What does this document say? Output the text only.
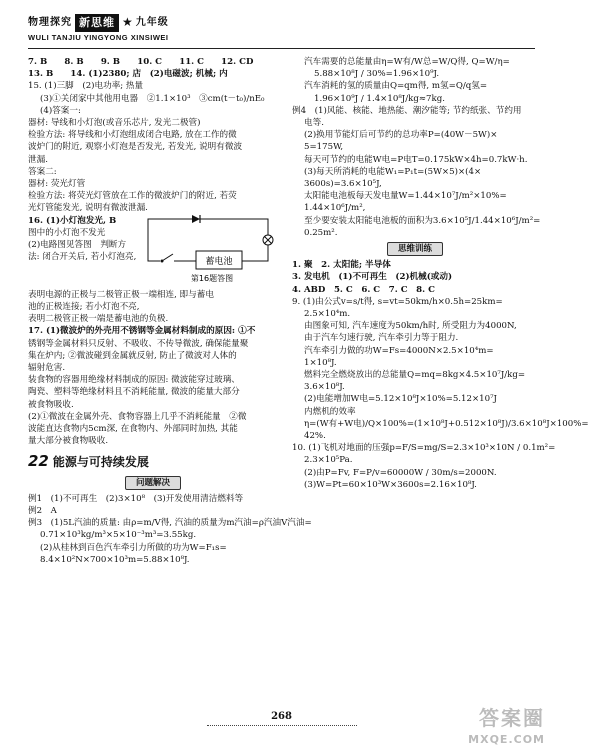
物理探究 新思维 ★ 九年级
WULI TANJIU YINGYONG XINSIWEI
7. B　　8. B　　9. B　　10. C　　11. C　　12. CD
13. B　　14. (1)2380; 店　(2)电磁波; 机械; 内
15. (1)三脚　(2)电功率; 热量
(3)①关闭家中其他用电器　②1.1×10³　③cm(t－t₀)/nE₀
(4)答案一:
器材: 导线和小灯泡(或音乐芯片, 发光二极管)
检验方法: 将导线和小灯泡组成闭合电路, 放在工作的微
波炉门的附近, 观察小灯泡是否发光, 若发光, 说明有微波
泄漏.
答案二:
器材: 荧光灯管
检验方法: 将荧光灯管放在工作的微波炉门的附近, 若荧
光灯管能发光, 说明有微波泄漏.
16. (1)小灯泡发光, B
图中的小灯泡不发光
(2)电路图见答图　判断方
法: 闭合开关后, 若小灯泡亮,	蓄电池
第16题答图
表明电源的正极与二极管正极一端相连, 即与蓄电
池的正极连接; 若小灯泡不亮,
表明二极管正极一端是蓄电池的负极.
17. (1)微波炉的外壳用不锈钢等金属材料制成的原因: ①不
锈钢等金属材料只反射、不吸收、不传导微波, 确保能量聚
集在炉内; ②微波碰到金属就反射, 防止了微波对人体的
辐射危害.
装食物的容器用绝缘材料制成的原因: 微波能穿过玻璃、
陶瓷、塑料等绝缘材料且不消耗能量, 微波的能量大部分
被食物吸收.
(2)①微波在金属外壳、食物容器上几乎不消耗能量　②微
波能直达食物内5cm深, 在食物内、外部同时加热, 其能
量大部分被食物吸收.
22 能源与可持续发展
问题解决
例1　(1)不可再生　(2)3×10⁸　(3)开发使用清洁燃料等
例2　A
例3　(1)5L汽油的质量: 由ρ=m/V得, 汽油的质量为m汽油=ρ汽油V汽油=
0.71×10³kg/m³×5×10⁻³m³=3.55kg.
(2)从桂林到百色汽车牵引力所做的功为W=F₁s=
8.4×10²N×700×10³m=5.88×10⁸J.
汽车需要的总能量由η=W有/W总=W/Q得, Q=W/η=
5.88×10⁸J / 30%=1.96×10⁹J.
汽车消耗的氢的质量由Q=qm得, m氢=Q/q氢=
1.96×10⁹J / 1.4×10⁸J/kg≈7kg.
例4　(1)风能、核能、地热能、潮汐能等; 节约纸张、节约用
电等.
(2)换用节能灯后可节约的总功率P=(40W－5W)×
5=175W,
每天可节约的电能W电=P电T=0.175kW×4h=0.7kW·h.
(3)每天所消耗的电能W₁=P₁t=(5W×5)×(4×
3600s)=3.6×10⁵J,
太阳能电池板每天发电量W=1.44×10⁷J/m²×10%=
1.44×10⁶J/m²,
至少要安装太阳能电池板的面积为3.6×10⁵J/1.44×10⁶J/m²=
0.25m².
思维训练
1. 聚　2. 太阳能; 半导体
3. 发电机　(1)不可再生　(2)机械(或动)
4. ABD　5. C　6. C　7. C　8. C
9. (1)由公式v=s/t得, s=vt=50km/h×0.5h=25km=
2.5×10⁴m.
由图象可知, 汽车速度为50km/h时, 所受阻力为4000N,
由于汽车匀速行驶, 汽车牵引力等于阻力.
汽车牵引力做的功W=Fs=4000N×2.5×10⁴m=
1×10⁸J.
燃料完全燃烧放出的总能量Q=mq=8kg×4.5×10⁷J/kg=
3.6×10⁸J.
(2)电能增加W电=5.12×10⁸J×10%=5.12×10⁷J
内燃机的效率
η=(W有+W电)/Q×100%=(1×10⁸J+0.512×10⁸J)/3.6×10⁸J×100%=
42%.
10. (1)飞机对地面的压强p=F/S=mg/S=2.3×10³×10N / 0.1m²=
2.3×10⁵Pa.
(2)由P=Fv, F=P/v=60000W / 30m/s=2000N.
(3)W=Pt=60×10³W×3600s=2.16×10⁸J.
268	答案圈
MXQE.COM
